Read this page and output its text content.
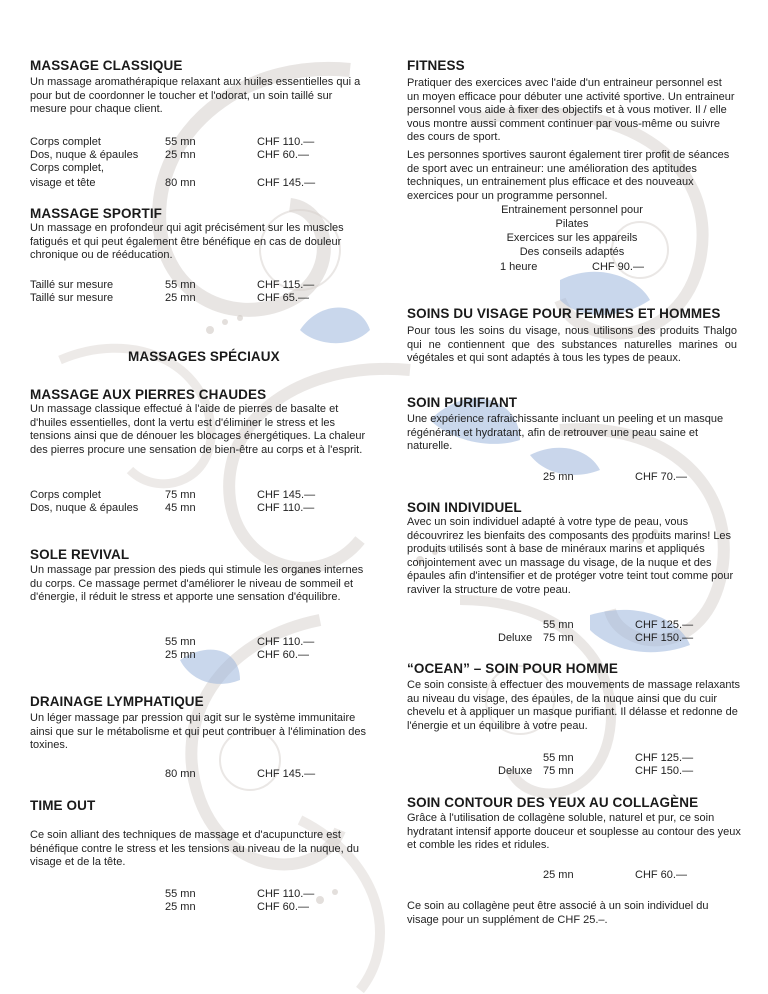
MASSAGE CLASSIQUE

Un massage aromathérapique relaxant aux huiles essentielles qui a pour but de coordonner le toucher et l'odorat, un soin taillé sur mesure pour chaque client.

Corps complet	55 mn	CHF 110.—
Dos, nuque & épaules 25 mn	CHF 60.—
Corps complet,
visage et tête	80 mn	CHF 145.—
MASSAGE SPORTIF

Un massage en profondeur qui agit précisément sur les muscles fatigués et qui peut également être bénéfique en cas de douleur chronique ou de rééducation.

Taillé sur mesure	55 mn	CHF 115.—
Taillé sur mesure	25 mn	CHF 65.—
MASSAGES SPÉCIAUX
MASSAGE AUX PIERRES CHAUDES

Un massage classique effectué à l'aide de pierres de basalte et d'huiles essentielles, dont la vertu est d'éliminer le stress et les tensions ainsi que de dénouer les blocages énergétiques. La chaleur des pierres procure une sensation de bien-être au corps et à l'esprit.

Corps complet	75 mn	CHF 145.—
Dos, nuque & épaules 45 mn	CHF 110.—
SOLE REVIVAL

Un massage par pression des pieds qui stimule les organes internes du corps. Ce massage permet d'améliorer le niveau de sommeil et d'énergie, il réduit le stress et apporte une sensation d'équilibre.

55 mn	CHF 110.—
25 mn	CHF 60.—
DRAINAGE LYMPHATIQUE

Un léger massage par pression qui agit sur le système immunitaire ainsi que sur le métabolisme et qui peut contribuer à l'élimination des toxines.

80 mn	CHF 145.—
TIME OUT

Ce soin alliant des techniques de massage et d'acupuncture est bénéfique contre le stress et les tensions au niveau de la nuque, du visage et de la tête.

55 mn	CHF 110.—
25 mn	CHF 60.—
FITNESS

Pratiquer des exercices avec l'aide d'un entraineur personnel est un moyen efficace pour débuter une activité sportive. Un entraineur personnel vous aide à fixer des objectifs et à vous motiver. Il / elle vous montre aussi comment continuer par vous-même ou suivre des cours de sport.

Les personnes sportives sauront également tirer profit de séances de sport avec un entraineur: une amélioration des aptitudes techniques, un entrainement plus efficace et des nouveaux exercices pour un programme personnel.

Entrainement personnel pour
Pilates
Exercices sur les appareils
Des conseils adaptés
1 heure	CHF 90.—
SOINS DU VISAGE POUR FEMMES ET HOMMES

Pour tous les soins du visage, nous utilisons des produits Thalgo qui ne contiennent que des substances naturelles marines ou végétales et qui sont adaptés à tous les types de peaux.

SOIN PURIFIANT

Une expérience rafraichissante incluant un peeling et un masque régénérant et hydratant, afin de retrouver une peau saine et naturelle.

25 mn	CHF 70.—
SOIN INDIVIDUEL

Avec un soin individuel adapté à votre type de peau, vous découvrirez les bienfaits des composants des produits marins! Les produits utilisés sont à base de minéraux marins et appliqués conjointement avec un massage du visage, de la nuque et des épaules afin d'intensifier et de protéger votre teint tout comme pour raviver la structure de votre peau.

55 mn	CHF 125.—
Deluxe 75 mn	CHF 150.—
“OCEAN” – SOIN POUR HOMME

Ce soin consiste à effectuer des mouvements de massage relaxants au niveau du visage, des épaules, de la nuque ainsi que du cuir chevelu et à appliquer un masque purifiant. Il délasse et redonne de l'énergie et un équilibre à votre peau.

55 mn	CHF 125.—
Deluxe 75 mn	CHF 150.—
SOIN CONTOUR DES YEUX AU COLLAGÈNE

Grâce à l'utilisation de collagène soluble, naturel et pur, ce soin hydratant intensif apporte douceur et souplesse au contour des yeux et comble les rides et ridules.

25 mn	CHF 60.—

Ce soin au collagène peut être associé à un soin individuel du visage pour un supplément de CHF 25.–.
